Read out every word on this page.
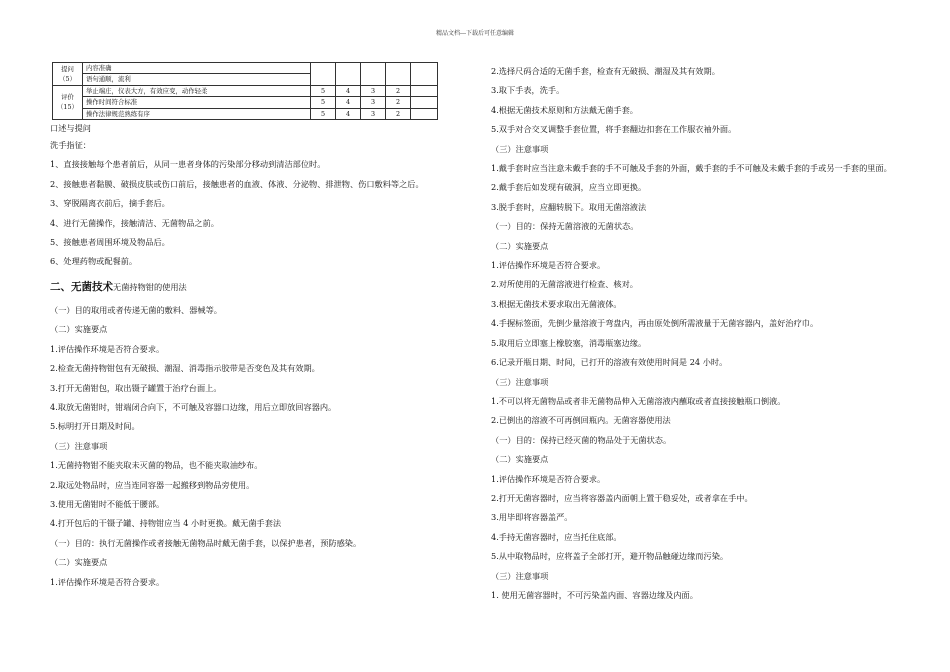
精品文档---下载后可任意编辑
提问（5）	内容准确					
	语句通顺，流利					
评价（15）	举止端庄，仪表大方，有效应变，动作轻柔	5	4	3	2	
	操作时间符合标准	5	4	3	2	
	操作法律规范熟练有序	5	4	3	2	
口述与提问
洗手指征：
1、直接接触每个患者前后，从同一患者身体的污染部分移动到清洁部位时。
2、接触患者黏膜、破损皮肤或伤口前后，接触患者的血液、体液、分泌物、排泄物、伤口敷料等之后。
3、穿脱隔离衣前后，摘手套后。
4、进行无菌操作，接触清洁、无菌物品之前。
5、接触患者周围环境及物品后。
6、处理药物或配餐前。
二、无菌技术无菌持物钳的使用法
（一）目的取用或者传递无菌的敷料、器械等。
（二）实施要点
1.评估操作环境是否符合要求。
2.检查无菌持物钳包有无破损、潮湿、消毒指示胶带是否变色及其有效期。
3.打开无菌钳包，取出镊子罐置于治疗台面上。
4.取放无菌钳时，钳端闭合向下，不可触及容器口边缘，用后立即放回容器内。
5.标明打开日期及时间。
（三）注意事项
1.无菌持物钳不能夹取未灭菌的物品，也不能夹取油纱布。
2.取远处物品时，应当连同容器一起搬移到物品旁使用。
3.使用无菌钳时不能低于腰部。
4.打开包后的干镊子罐、持物钳应当 4 小时更换。戴无菌手套法
（一）目的：执行无菌操作或者接触无菌物品时戴无菌手套，以保护患者，预防感染。
（二）实施要点
1.评估操作环境是否符合要求。
2.选择尺码合适的无菌手套，检查有无破损、潮湿及其有效期。
3.取下手表，洗手。
4.根据无菌技术原则和方法戴无菌手套。
5.双手对合交叉调整手套位置，将手套翻边扣套在工作服衣袖外面。
（三）注意事项
1.戴手套时应当注意未戴手套的手不可触及手套的外面，戴手套的手不可触及未戴手套的手或另一手套的里面。
2.戴手套后如发现有破洞，应当立即更换。
3.脱手套时，应翻转脱下。取用无菌溶液法
（一）目的：保持无菌溶液的无菌状态。
（二）实施要点
1.评估操作环境是否符合要求。
2.对所使用的无菌溶液进行检查、核对。
3.根据无菌技术要求取出无菌液体。
4.手握标签面，先倒少量溶液于弯盘内，再由原处倒所需液量于无菌容器内，盖好治疗巾。
5.取用后立即塞上橡胶塞，消毒瓶塞边缘。
6.记录开瓶日期、时间，已打开的溶液有效使用时间是 24 小时。
（三）注意事项
1.不可以将无菌物品或者非无菌物品伸入无菌溶液内蘸取或者直接接触瓶口倒液。
2.已倒出的溶液不可再倒回瓶内。无菌容器使用法
（一）目的：保持已经灭菌的物品处于无菌状态。
（二）实施要点
1.评估操作环境是否符合要求。
2.打开无菌容器时，应当将容器盖内面朝上置于稳妥处，或者拿在手中。
3.用毕即将容器盖严。
4.手持无菌容器时，应当托住底部。
5.从中取物品时，应将盖子全部打开，避开物品触碰边缘而污染。
（三）注意事项
1. 使用无菌容器时，不可污染盖内面、容器边缘及内面。
